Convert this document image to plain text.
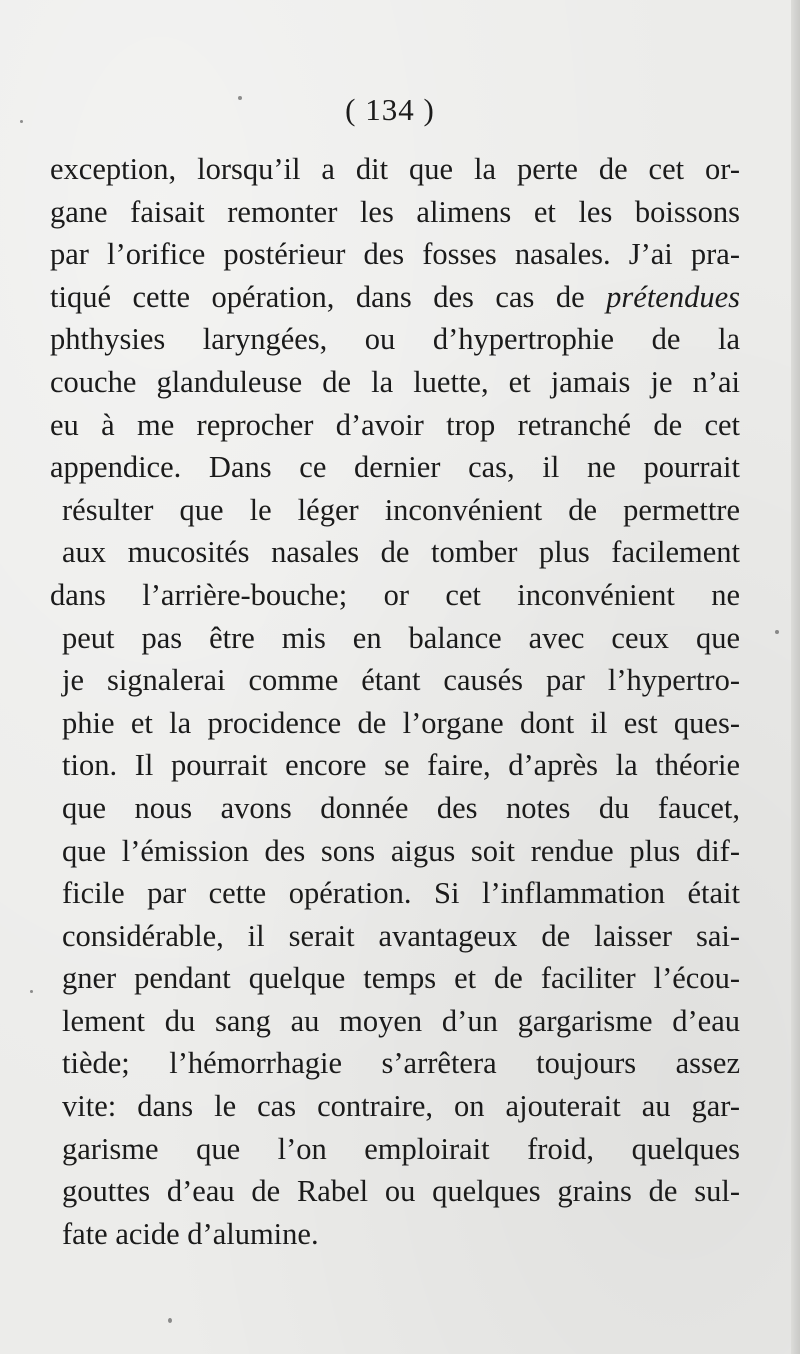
( 134 )
exception, lorsqu’il a dit que la perte de cet or-
gane faisait remonter les alimens et les boissons
par l’orifice postérieur des fosses nasales. J’ai pra-
tiqué cette opération, dans des cas de prétendues
phthysies laryngées, ou d’hypertrophie de la
couche glanduleuse de la luette, et jamais je n’ai
eu à me reprocher d’avoir trop retranché de cet
appendice. Dans ce dernier cas, il ne pourrait
résulter que le léger inconvénient de permettre
aux mucosités nasales de tomber plus facilement
dans l’arrière-bouche; or cet inconvénient ne
peut pas être mis en balance avec ceux que
je signalerai comme étant causés par l’hypertro-
phie et la procidence de l’organe dont il est ques-
tion. Il pourrait encore se faire, d’après la théorie
que nous avons donnée des notes du faucet,
que l’émission des sons aigus soit rendue plus dif-
ficile par cette opération. Si l’inflammation était
considérable, il serait avantageux de laisser sai-
gner pendant quelque temps et de faciliter l’écou-
lement du sang au moyen d’un gargarisme d’eau
tiède; l’hémorrhagie s’arrêtera toujours assez
vite: dans le cas contraire, on ajouterait au gar-
garisme que l’on emploirait froid, quelques
gouttes d’eau de Rabel ou quelques grains de sul-
fate acide d’alumine.
